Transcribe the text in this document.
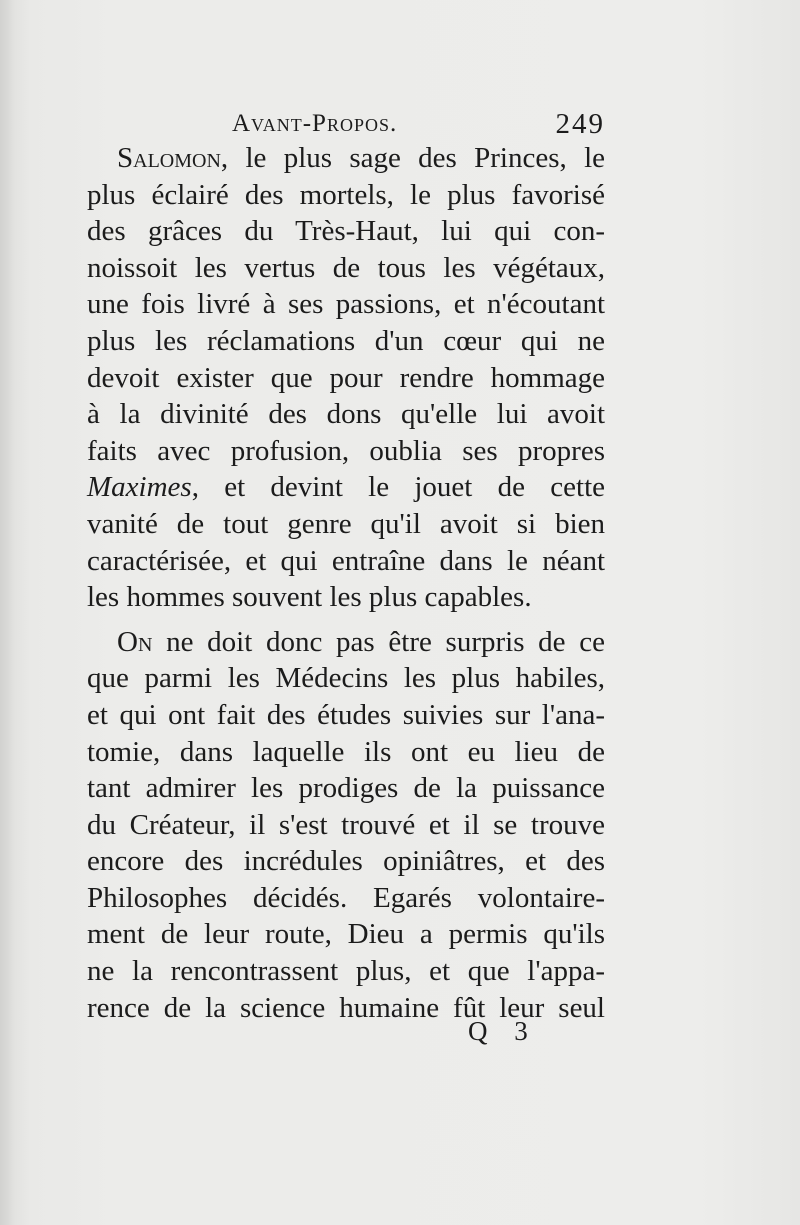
Avant-Propos.	249
Salomon, le plus sage des Princes, le
plus éclairé des mortels, le plus favorisé
des grâces du Très-Haut, lui qui con-
noissoit les vertus de tous les végétaux,
une fois livré à ses passions, et n'écoutant
plus les réclamations d'un cœur qui ne
devoit exister que pour rendre hommage
à la divinité des dons qu'elle lui avoit
faits avec profusion, oublia ses propres
Maximes, et devint le jouet de cette
vanité de tout genre qu'il avoit si bien
caractérisée, et qui entraîne dans le néant
les hommes souvent les plus capables.
On ne doit donc pas être surpris de ce
que parmi les Médecins les plus habiles,
et qui ont fait des études suivies sur l'ana-
tomie, dans laquelle ils ont eu lieu de
tant admirer les prodiges de la puissance
du Créateur, il s'est trouvé et il se trouve
encore des incrédules opiniâtres, et des
Philosophes décidés. Egarés volontaire-
ment de leur route, Dieu a permis qu'ils
ne la rencontrassent plus, et que l'appa-
rence de la science humaine fût leur seul
Q 3
